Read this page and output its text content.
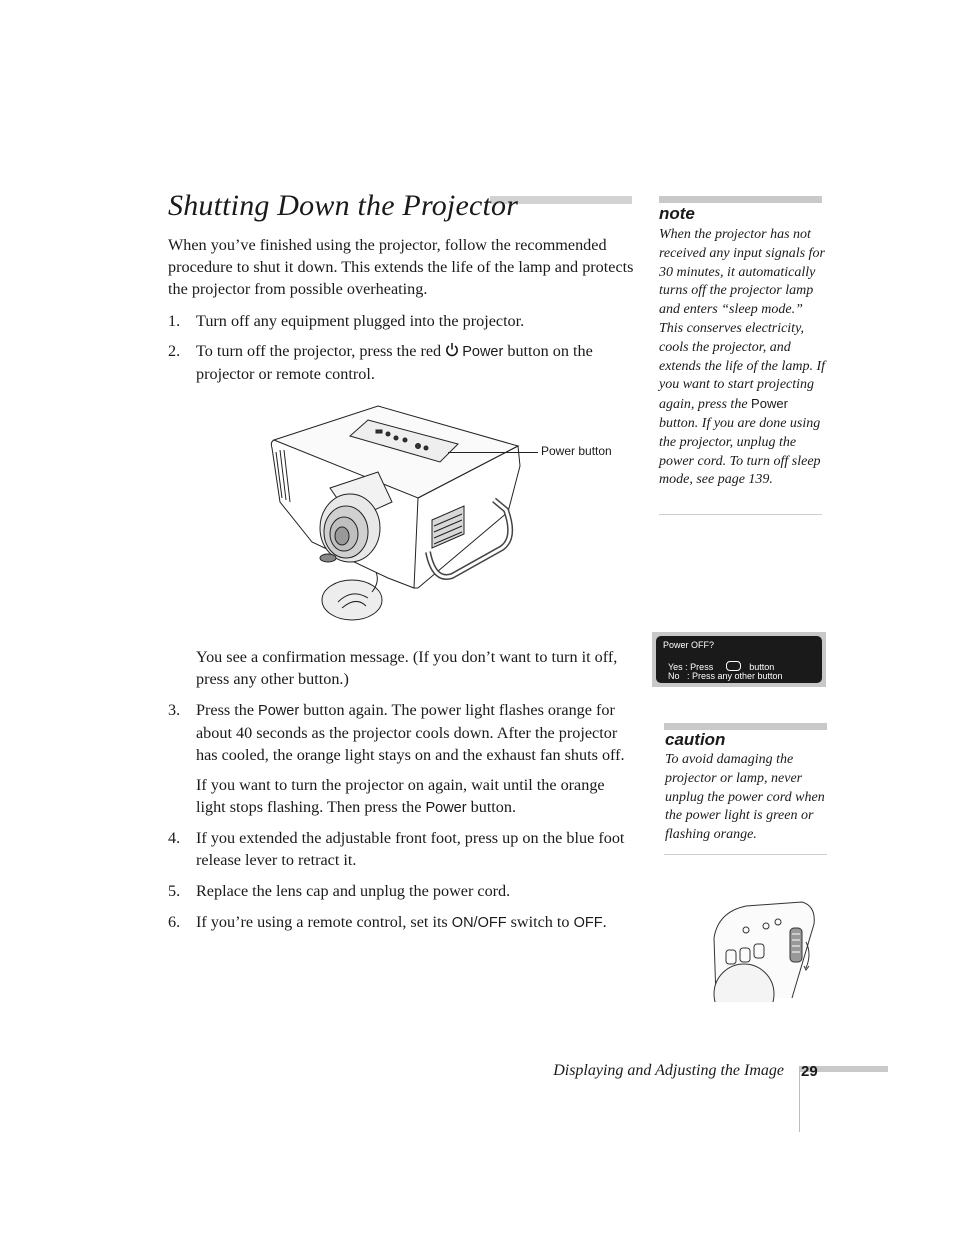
Shutting Down the Projector
When you’ve finished using the projector, follow the recommended procedure to shut it down. This extends the life of the lamp and protects the projector from possible overheating.
1. Turn off any equipment plugged into the projector.
2. To turn off the projector, press the red Power button on the projector or remote control.
Power button
You see a confirmation message. (If you don’t want to turn it off, press any other button.)
3. Press the Power button again. The power light flashes orange for about 40 seconds as the projector cools down. After the projector has cooled, the orange light stays on and the exhaust fan shuts off.
If you want to turn the projector on again, wait until the orange light stops flashing. Then press the Power button.
4. If you extended the adjustable front foot, press up on the blue foot release lever to retract it.
5. Replace the lens cap and unplug the power cord.
6. If you’re using a remote control, set its ON/OFF switch to OFF.
note
When the projector has not received any input signals for 30 minutes, it automatically turns off the projector lamp and enters “sleep mode.” This conserves electricity, cools the projector, and extends the life of the lamp. If you want to start projecting again, press the Power button. If you are done using the projector, unplug the power cord. To turn off sleep mode, see page 139.
Power OFF?
Yes : Press	button
No   : Press any other button
caution
To avoid damaging the projector or lamp, never unplug the power cord when the power light is green or flashing orange.
Displaying and Adjusting the Image 29
